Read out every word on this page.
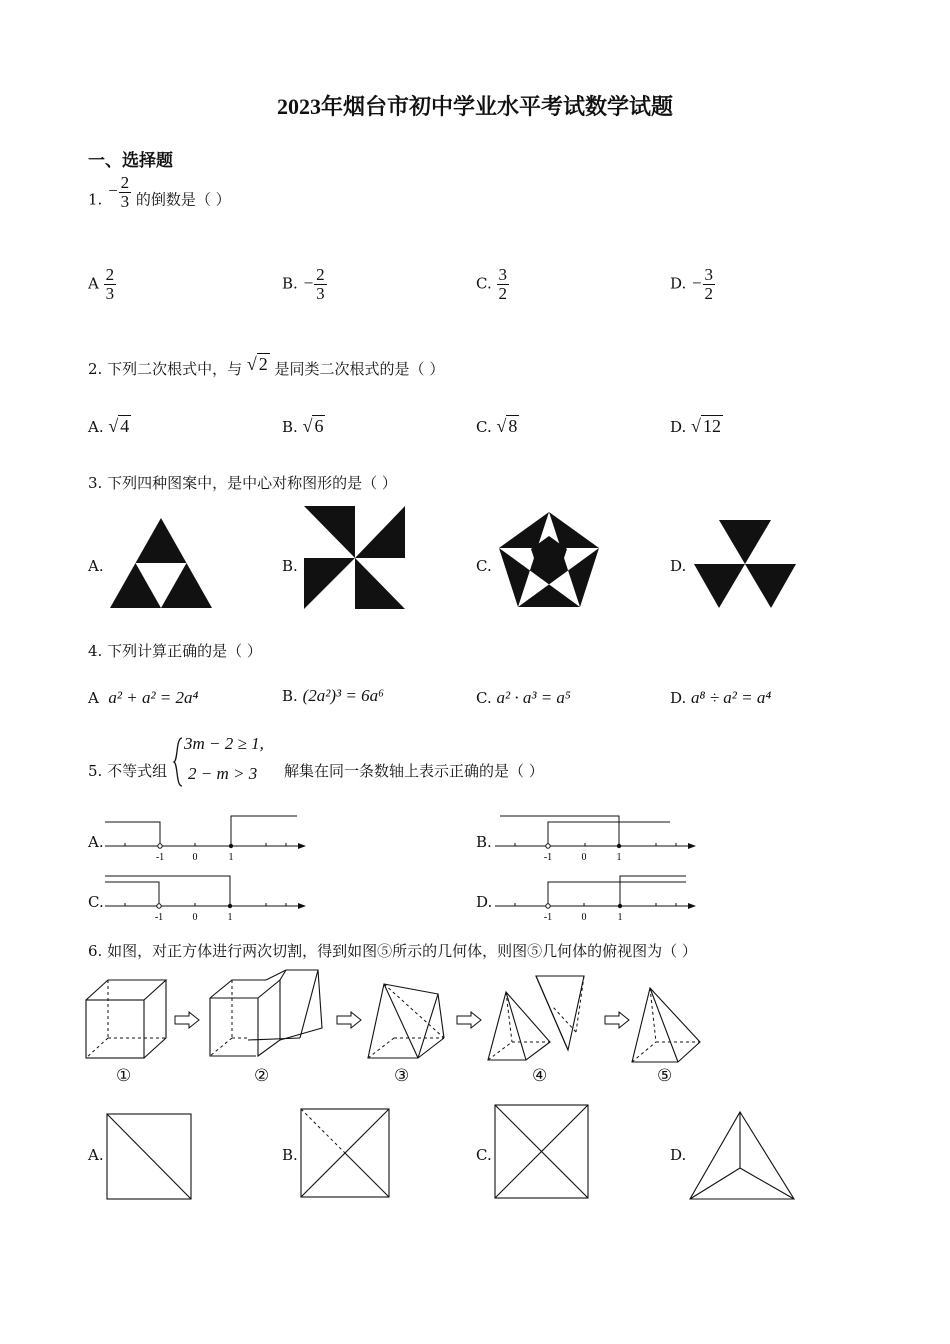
2023年烟台市初中学业水平考试数学试题
一、选择题
1. − $\frac{2}{3}$ 的倒数是（ ）
A $\frac{2}{3}$	B. − $\frac{2}{3}$	C. $\frac{3}{2}$	D. − $\frac{3}{2}$
2. 下列二次根式中，与 √ 2 是同类二次根式的是（ ）
A. √ 4	B. √ 6	C. √ 8	D. √ 12
3. 下列四种图案中，是中心对称图形的是（ ）
A.	B.	C.	D.
4. 下列计算正确的是（ ）
A a² + a² = 2a⁴	B. (2a²)³ = 6a⁶	C. a² · a³ = a⁵	D. a⁸ ÷ a² = a⁴
5. 不等式组
3m − 2 ≥ 1,
2 − m > 3 解集在同一条数轴上表示正确的是（ ）
A.
-1	0	1
B.
-1	0	1
C.
-1	0	1
D.
-1	0	1
6. 如图，对正方体进行两次切割，得到如图⑤所示的几何体，则图⑤几何体的俯视图为（ ）
①	②	③	④	⑤
A.	B.	C.	D.
